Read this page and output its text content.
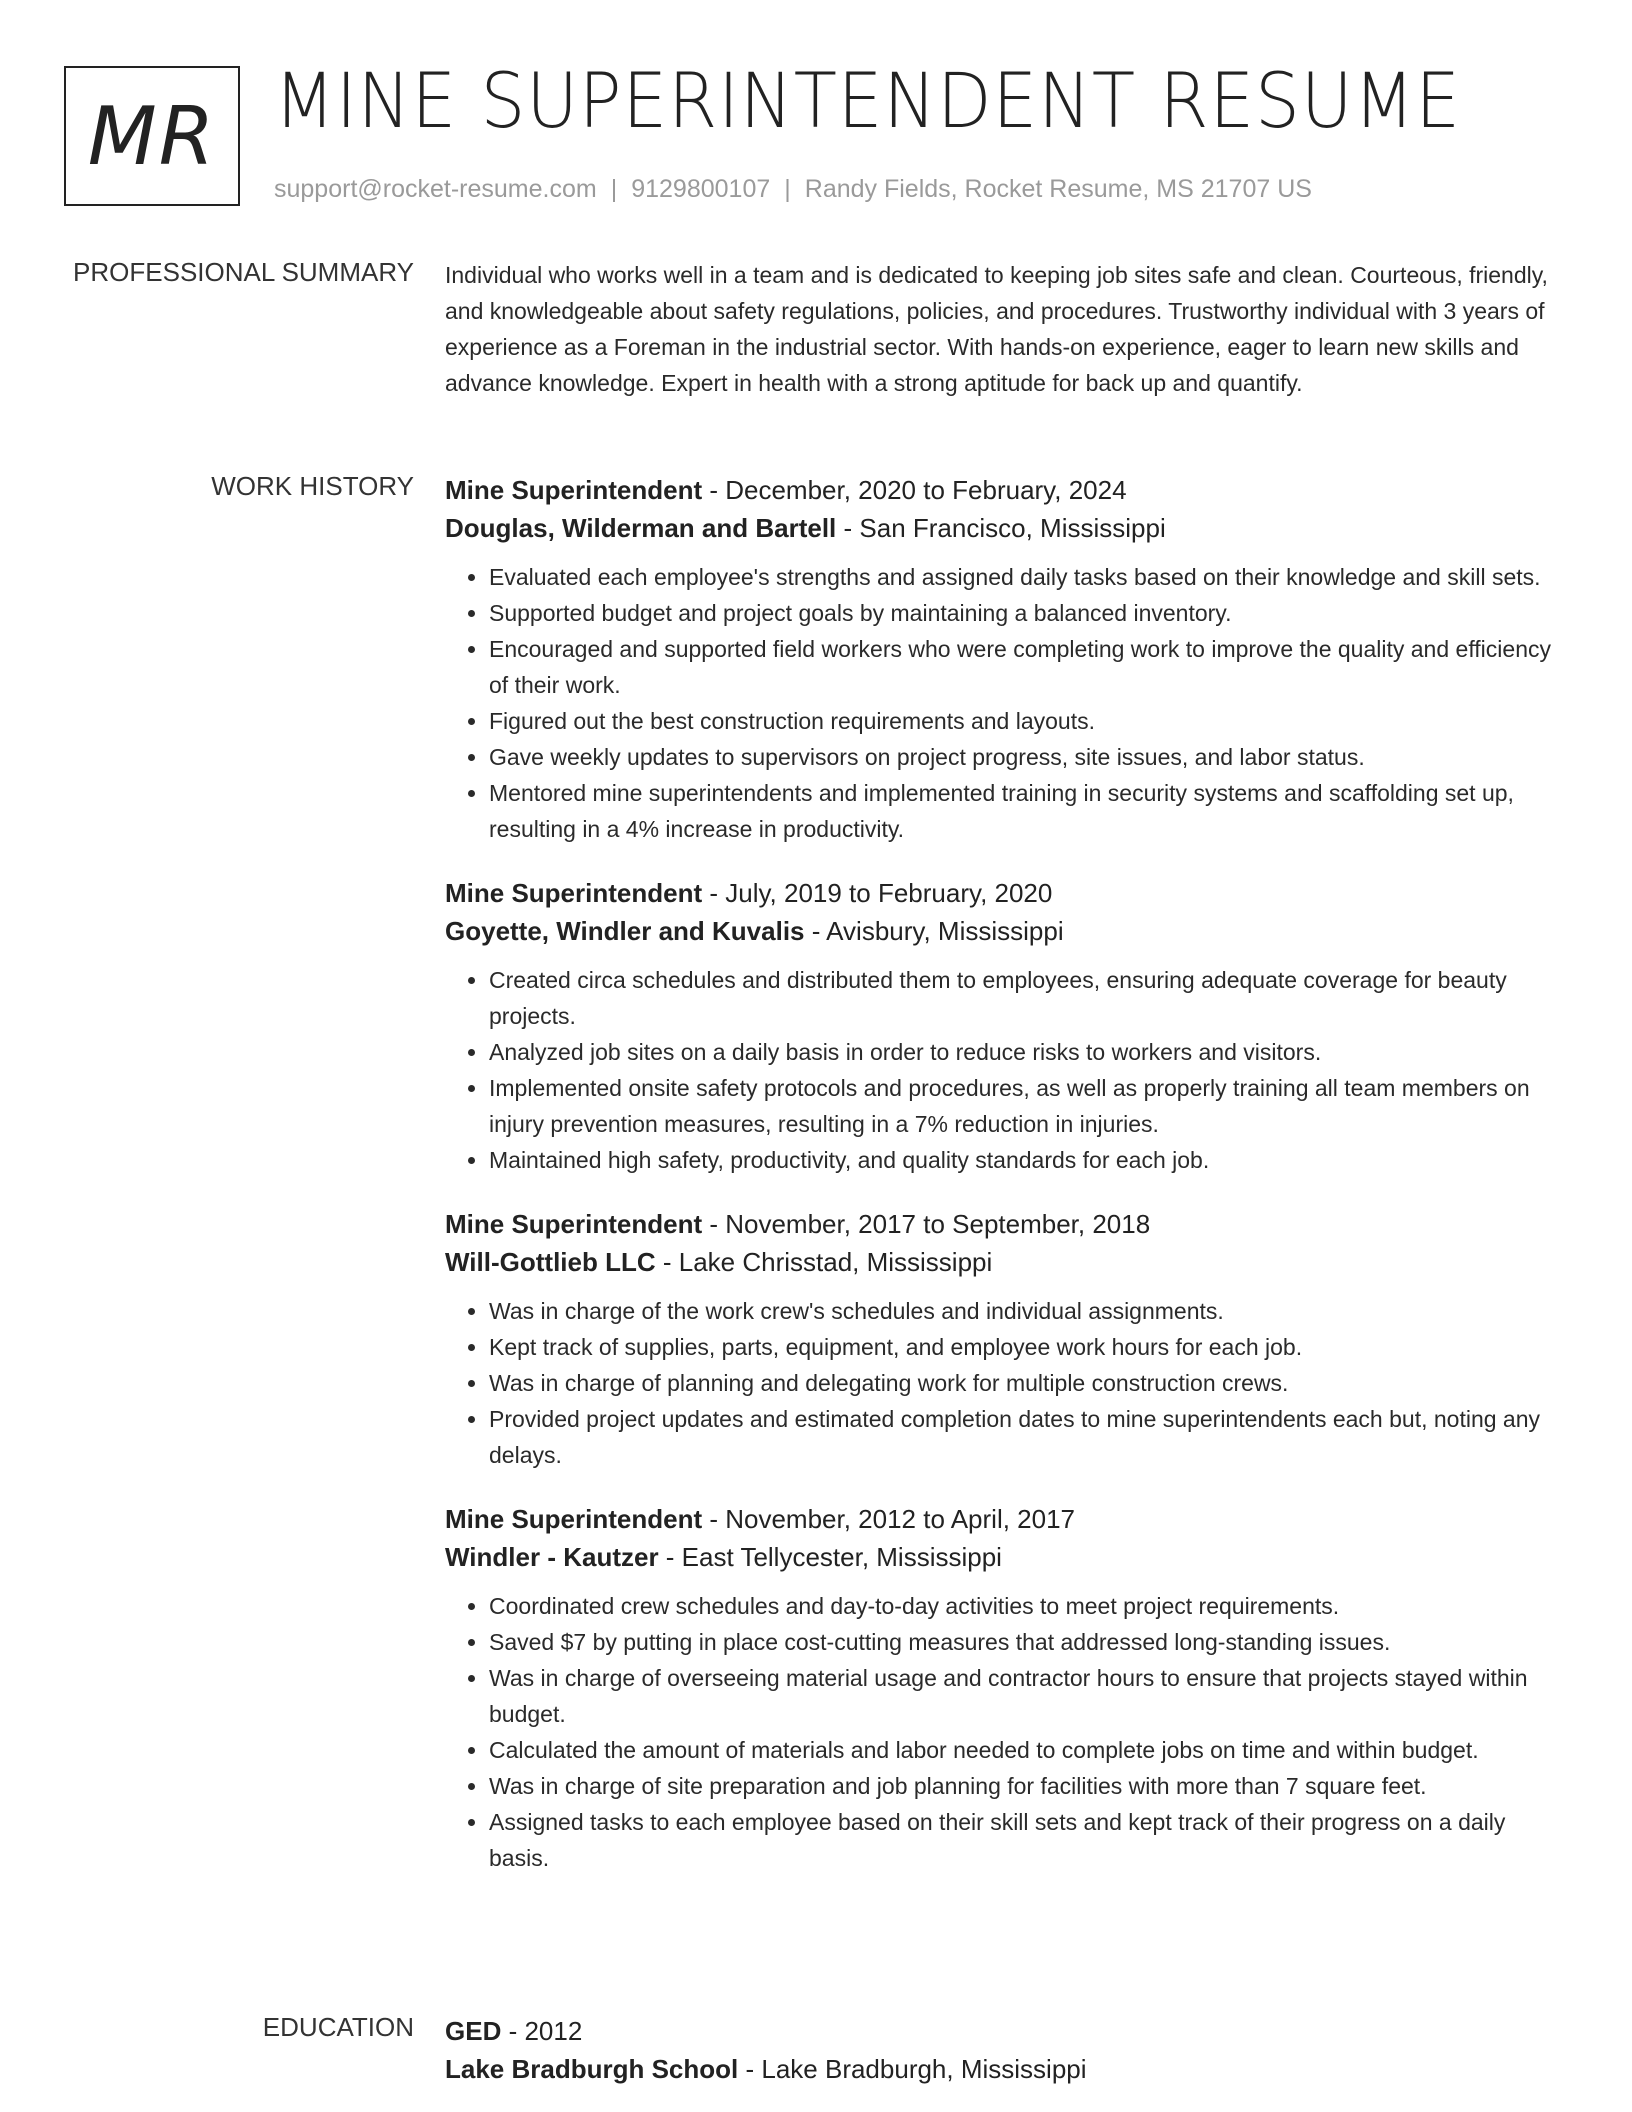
MR MINE SUPERINTENDENT RESUME
support@rocket-resume.com | 9129800107 | Randy Fields, Rocket Resume, MS 21707 US
PROFESSIONAL SUMMARY Individual who works well in a team and is dedicated to keeping job sites safe and clean. Courteous, friendly, and knowledgeable about safety regulations, policies, and procedures. Trustworthy individual with 3 years of experience as a Foreman in the industrial sector. With hands-on experience, eager to learn new skills and advance knowledge. Expert in health with a strong aptitude for back up and quantify.

WORK HISTORY Mine Superintendent - December, 2020 to February, 2024
Douglas, Wilderman and Bartell - San Francisco, Mississippi
• Evaluated each employee's strengths and assigned daily tasks based on their knowledge and skill sets.
• Supported budget and project goals by maintaining a balanced inventory.
• Encouraged and supported field workers who were completing work to improve the quality and efficiency of their work.
• Figured out the best construction requirements and layouts.
• Gave weekly updates to supervisors on project progress, site issues, and labor status.
• Mentored mine superintendents and implemented training in security systems and scaffolding set up, resulting in a 4% increase in productivity.
Mine Superintendent - July, 2019 to February, 2020
Goyette, Windler and Kuvalis - Avisbury, Mississippi
• Created circa schedules and distributed them to employees, ensuring adequate coverage for beauty projects.
• Analyzed job sites on a daily basis in order to reduce risks to workers and visitors.
• Implemented onsite safety protocols and procedures, as well as properly training all team members on injury prevention measures, resulting in a 7% reduction in injuries.
• Maintained high safety, productivity, and quality standards for each job.
Mine Superintendent - November, 2017 to September, 2018
Will-Gottlieb LLC - Lake Chrisstad, Mississippi
• Was in charge of the work crew's schedules and individual assignments.
• Kept track of supplies, parts, equipment, and employee work hours for each job.
• Was in charge of planning and delegating work for multiple construction crews.
• Provided project updates and estimated completion dates to mine superintendents each but, noting any delays.
Mine Superintendent - November, 2012 to April, 2017
Windler - Kautzer - East Tellycester, Mississippi
• Coordinated crew schedules and day-to-day activities to meet project requirements.
• Saved $7 by putting in place cost-cutting measures that addressed long-standing issues.
• Was in charge of overseeing material usage and contractor hours to ensure that projects stayed within budget.
• Calculated the amount of materials and labor needed to complete jobs on time and within budget.
• Was in charge of site preparation and job planning for facilities with more than 7 square feet.
• Assigned tasks to each employee based on their skill sets and kept track of their progress on a daily basis.
EDUCATION GED - 2012
Lake Bradburgh School - Lake Bradburgh, Mississippi
